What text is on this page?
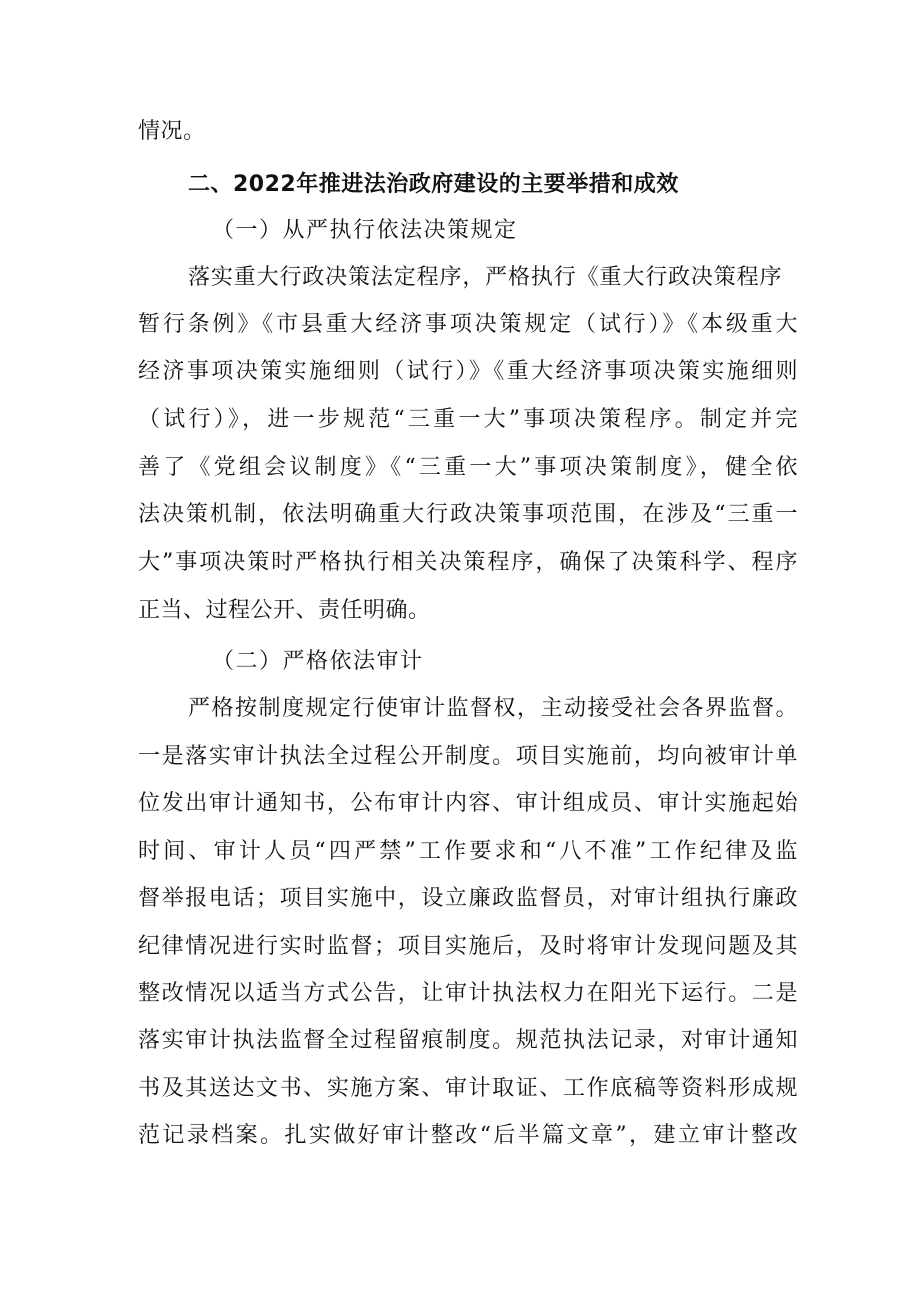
情况。
二、2022年推进法治政府建设的主要举措和成效
（一）从严执行依法决策规定
落实重大行政决策法定程序，严格执行《重大行政决策程序
暂行条例》《市县重大经济事项决策规定（试行）》《本级重大
经济事项决策实施细则（试行）》《重大经济事项决策实施细则
（试行）》，进一步规范“三重一大”事项决策程序。制定并完
善了《党组会议制度》《“三重一大”事项决策制度》，健全依
法决策机制，依法明确重大行政决策事项范围，在涉及“三重一
大”事项决策时严格执行相关决策程序，确保了决策科学、程序
正当、过程公开、责任明确。
（二）严格依法审计
严格按制度规定行使审计监督权，主动接受社会各界监督。
一是落实审计执法全过程公开制度。项目实施前，均向被审计单
位发出审计通知书，公布审计内容、审计组成员、审计实施起始
时间、审计人员“四严禁”工作要求和“八不准”工作纪律及监
督举报电话；项目实施中，设立廉政监督员，对审计组执行廉政
纪律情况进行实时监督；项目实施后，及时将审计发现问题及其
整改情况以适当方式公告，让审计执法权力在阳光下运行。二是
落实审计执法监督全过程留痕制度。规范执法记录，对审计通知
书及其送达文书、实施方案、审计取证、工作底稿等资料形成规
范记录档案。扎实做好审计整改“后半篇文章”，建立审计整改
